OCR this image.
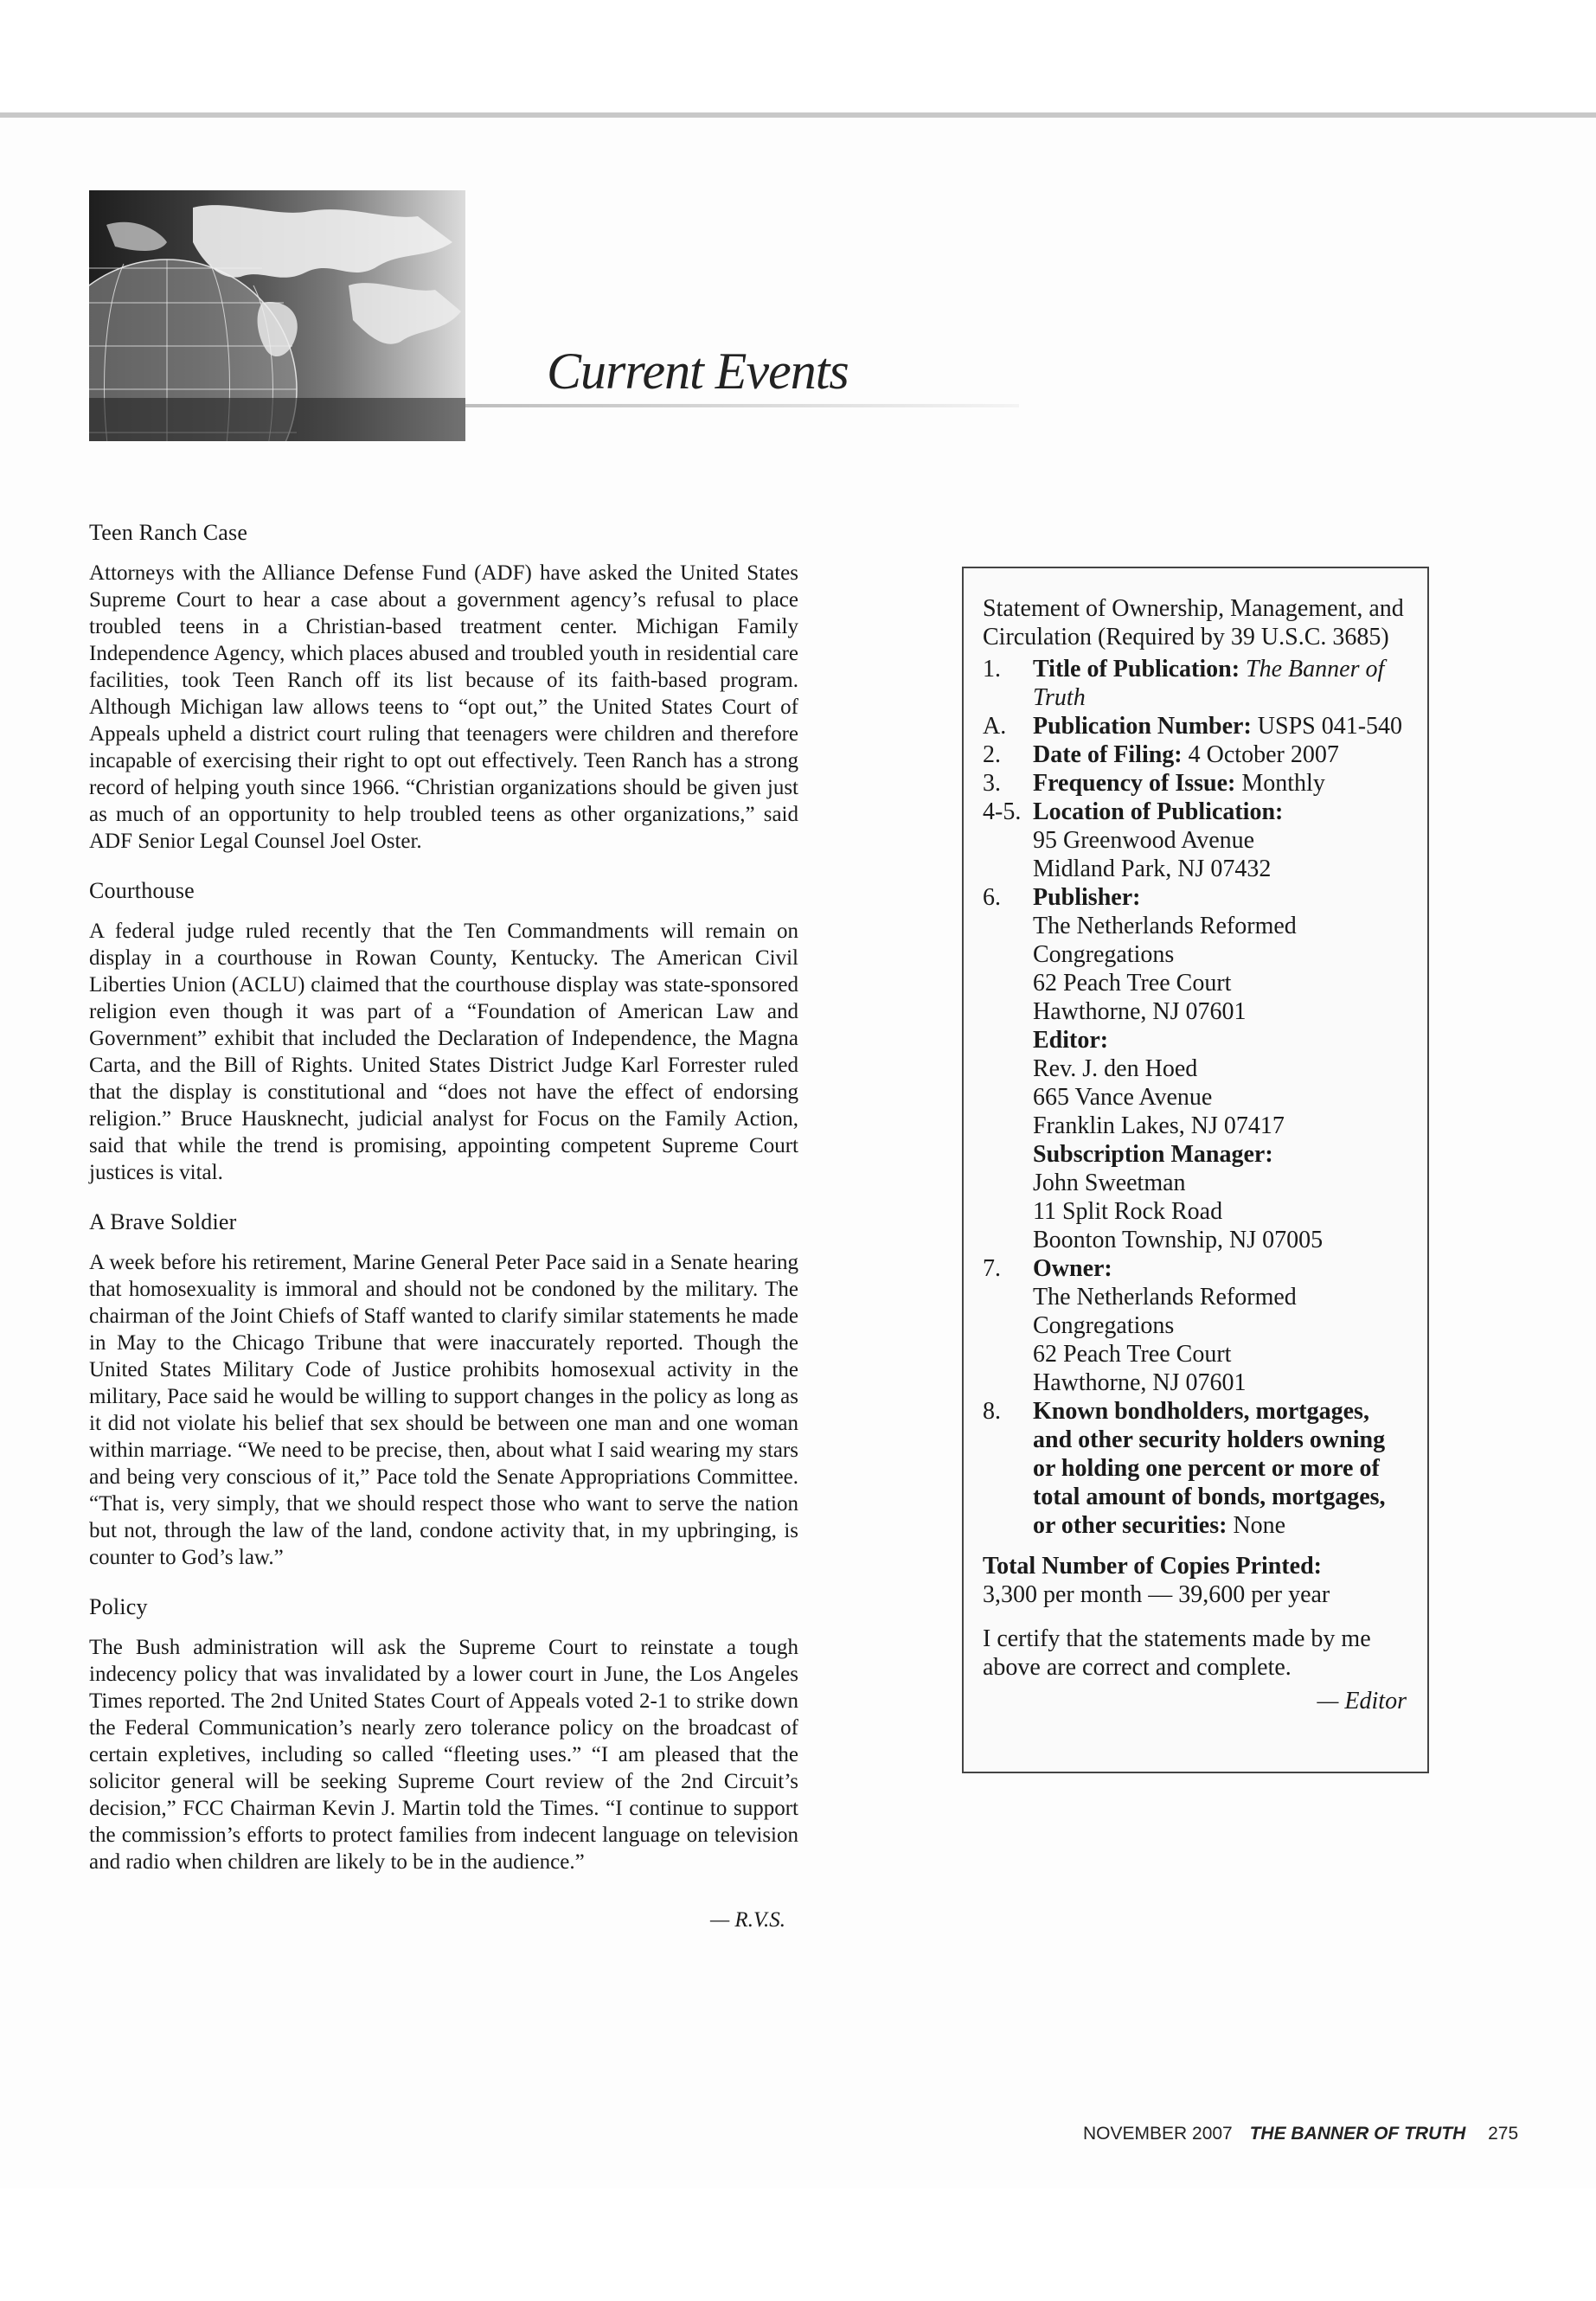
Current Events
Teen Ranch Case

Attorneys with the Alliance Defense Fund (ADF) have asked the United States Supreme Court to hear a case about a government agency’s refusal to place troubled teens in a Christian-based treatment center. Michigan Family Independence Agency, which places abused and troubled youth in residential care facilities, took Teen Ranch off its list because of its faith-based program. Although Michigan law allows teens to “opt out,” the United States Court of Appeals upheld a district court ruling that teenagers were children and therefore incapable of exercising their right to opt out effectively. Teen Ranch has a strong record of helping youth since 1966. “Christian organizations should be given just as much of an opportunity to help troubled teens as other organizations,” said ADF Senior Legal Counsel Joel Oster.

Courthouse

A federal judge ruled recently that the Ten Commandments will remain on display in a courthouse in Rowan County, Kentucky. The American Civil Liberties Union (ACLU) claimed that the courthouse display was state-sponsored religion even though it was part of a “Foundation of American Law and Government” exhibit that included the Declaration of Independence, the Magna Carta, and the Bill of Rights. United States District Judge Karl Forrester ruled that the display is constitutional and “does not have the effect of endorsing religion.” Bruce Hausknecht, judicial analyst for Focus on the Family Action, said that while the trend is promising, appointing competent Supreme Court justices is vital.

A Brave Soldier

A week before his retirement, Marine General Peter Pace said in a Senate hearing that homosexuality is immoral and should not be condoned by the military. The chairman of the Joint Chiefs of Staff wanted to clarify similar statements he made in May to the Chicago Tribune that were inaccurately reported. Though the United States Military Code of Justice prohibits homosexual activity in the military, Pace said he would be willing to support changes in the policy as long as it did not violate his belief that sex should be between one man and one woman within marriage. “We need to be precise, then, about what I said wearing my stars and being very conscious of it,” Pace told the Senate Appropriations Committee. “That is, very simply, that we should respect those who want to serve the nation but not, through the law of the land, condone activity that, in my upbringing, is counter to God’s law.”

Policy

The Bush administration will ask the Supreme Court to reinstate a tough indecency policy that was invalidated by a lower court in June, the Los Angeles Times reported. The 2nd United States Court of Appeals voted 2-1 to strike down the Federal Communication’s nearly zero tolerance policy on the broadcast of certain expletives, including so called “fleeting uses.” “I am pleased that the solicitor general will be seeking Supreme Court review of the 2nd Circuit’s decision,” FCC Chairman Kevin J. Martin told the Times. “I continue to support the commission’s efforts to protect families from indecent language on television and radio when children are likely to be in the audience.”

— R.V.S.
Statement of Ownership, Management, and Circulation (Required by 39 U.S.C. 3685)
1.	Title of Publication: The Banner of Truth
A.	Publication Number: USPS 041-540
2.	Date of Filing: 4 October 2007
3.	Frequency of Issue: Monthly
4-5. Location of Publication:
95 Greenwood Avenue
Midland Park, NJ 07432
6.	Publisher:
The Netherlands Reformed Congregations
62 Peach Tree Court
Hawthorne, NJ 07601
Editor:
Rev. J. den Hoed
665 Vance Avenue
Franklin Lakes, NJ 07417
Subscription Manager:
John Sweetman
11 Split Rock Road
Boonton Township, NJ 07005
7.	Owner:
The Netherlands Reformed Congregations
62 Peach Tree Court
Hawthorne, NJ 07601
8.	Known bondholders, mortgages, and other security holders owning or holding one percent or more of total amount of bonds, mortgages, or other securities: None
Total Number of Copies Printed:
3,300 per month — 39,600 per year
I certify that the statements made by me above are correct and complete.
— Editor
NOVEMBER 2007 THE BANNER OF TRUTH 275
